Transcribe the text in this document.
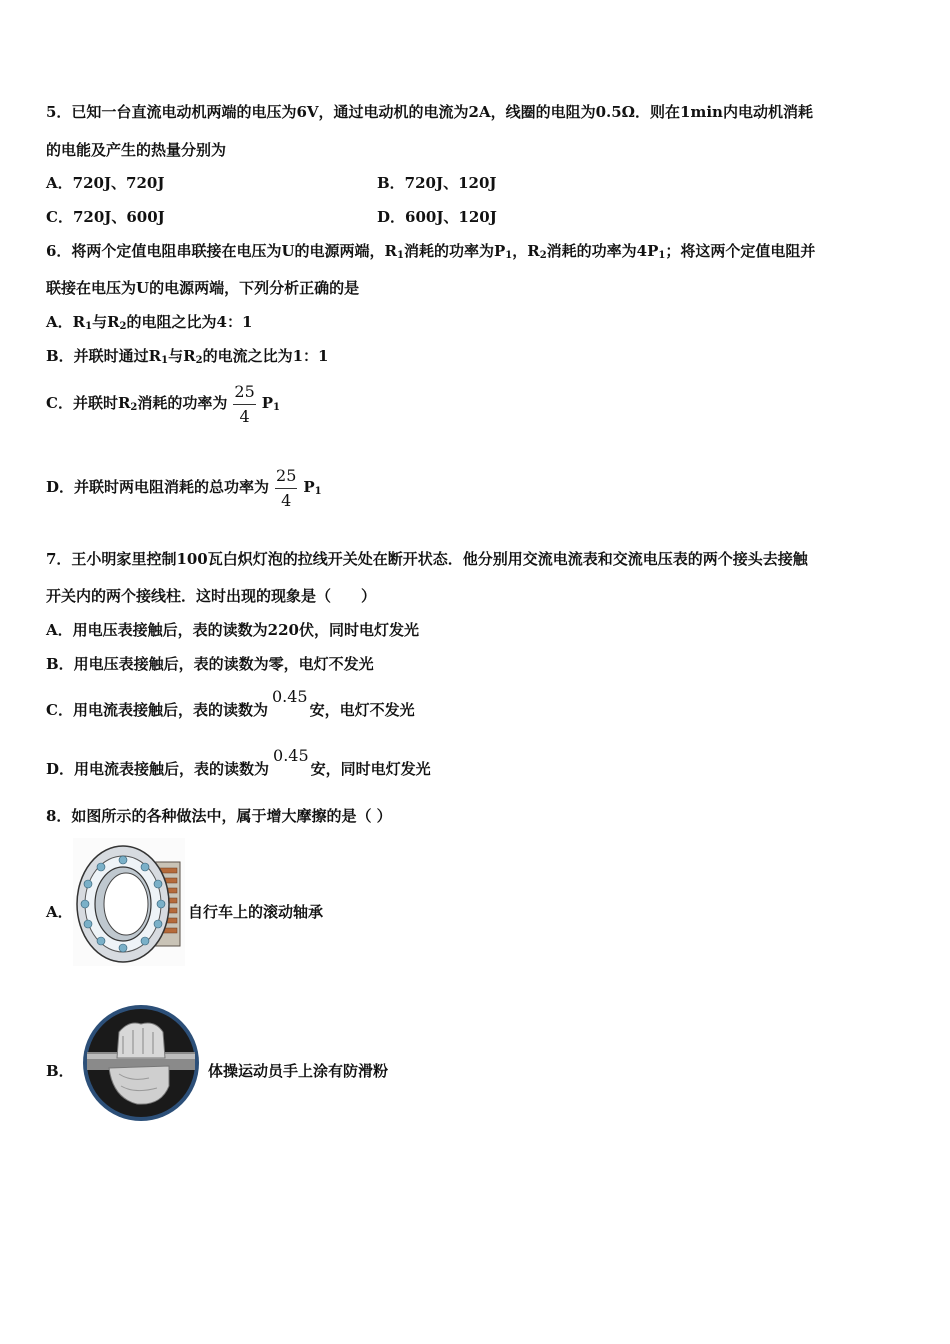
5．已知一台直流电动机两端的电压为6V，通过电动机的电流为2A，线圈的电阻为0.5Ω．则在1min内电动机消耗
的电能及产生的热量分别为
A．720J、720J	B．720J、120J
C．720J、600J	D．600J、120J
6．将两个定值电阻串联接在电压为U的电源两端，$R_1$消耗的功率为$P_1$，$R_2$消耗的功率为$4P_1$；将这两个定值电阻并
联接在电压为U的电源两端，下列分析正确的是
A．$R_1$与$R_2$的电阻之比为4：1
B．并联时通过$R_1$与$R_2$的电流之比为1：1
C．并联时R2消耗的功率为 $\frac{25}{4} P_1$
D．并联时两电阻消耗的总功率为 $\frac{25}{4} P_1$
7．王小明家里控制100瓦白炽灯泡的拉线开关处在断开状态．他分别用交流电流表和交流电压表的两个接头去接触
开关内的两个接线柱．这时出现的现象是（　　）
A．用电压表接触后，表的读数为220伏，同时电灯发光
B．用电压表接触后，表的读数为零，电灯不发光
C．用电流表接触后，表的读数为0.45安，电灯不发光
D．用电流表接触后，表的读数为0.45安，同时电灯发光
8．如图所示的各种做法中，属于增大摩擦的是（ ）
A．	自行车上的滚动轴承
B．	体操运动员手上涂有防滑粉
